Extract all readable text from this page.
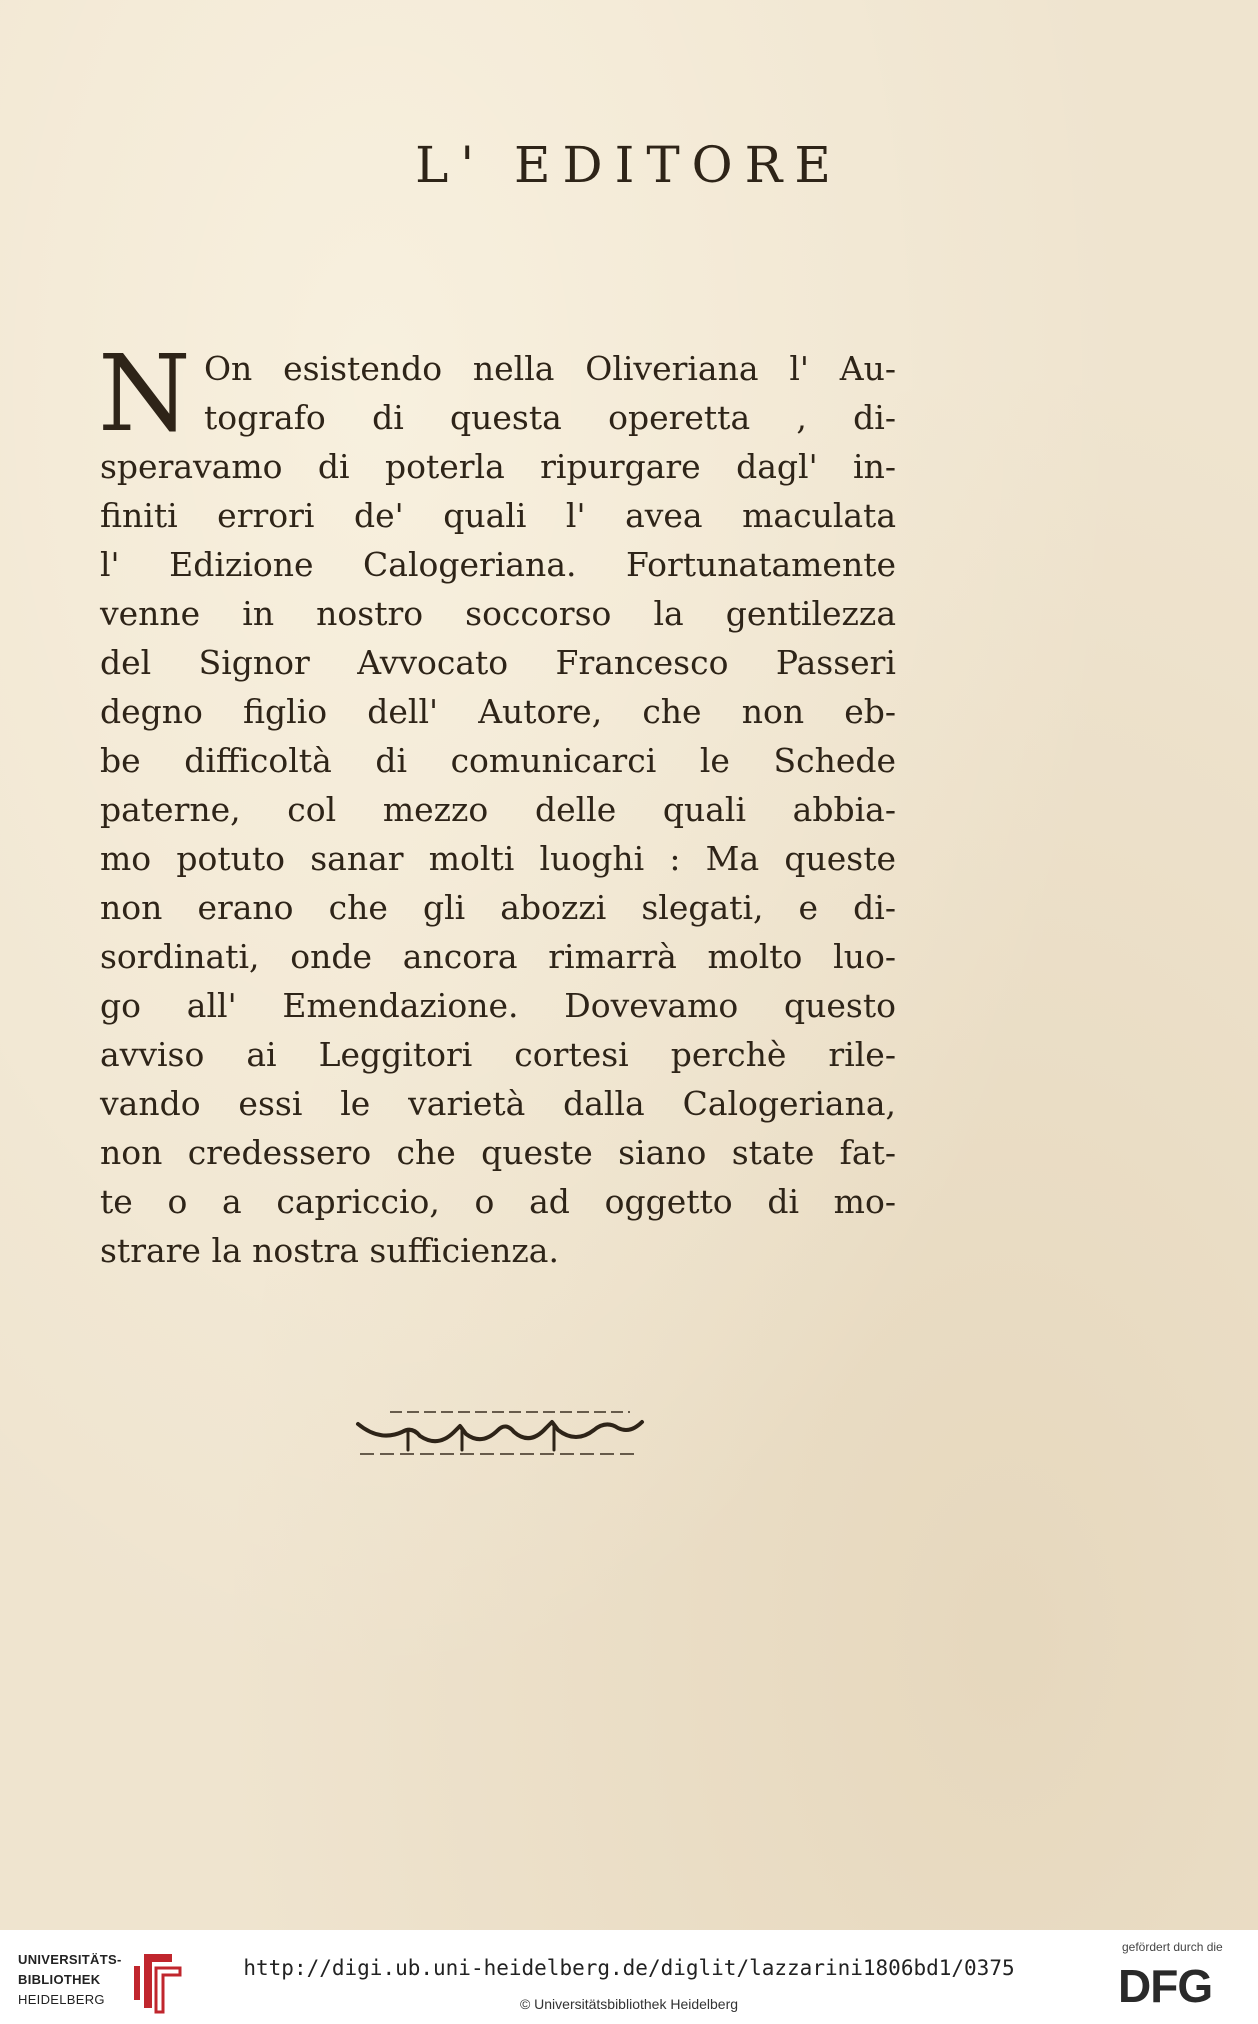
L' EDITORE
N On esistendo nella Oliveriana l' Au-
tografo di questa operetta , di-
speravamo di poterla ripurgare dagl' in-
finiti errori de' quali l' avea maculata
l' Edizione Calogeriana. Fortunatamente
venne in nostro soccorso la gentilezza
del Signor Avvocato Francesco Passeri
degno figlio dell' Autore, che non eb-
be difficoltà di comunicarci le Schede
paterne, col mezzo delle quali abbia-
mo potuto sanar molti luoghi : Ma queste
non erano che gli abozzi slegati, e di-
sordinati, onde ancora rimarrà molto luo-
go all' Emendazione. Dovevamo questo
avviso ai Leggitori cortesi perchè rile-
vando essi le varietà dalla Calogeriana,
non credessero che queste siano state fat-
te o a capriccio, o ad oggetto di mo-
strare la nostra sufficienza.
UNIVERSITÄTS-
BIBLIOTHEK
HEIDELBERG
http://digi.ub.uni-heidelberg.de/diglit/lazzarini1806bd1/0375
© Universitätsbibliothek Heidelberg
gefördert durch die
DFG
